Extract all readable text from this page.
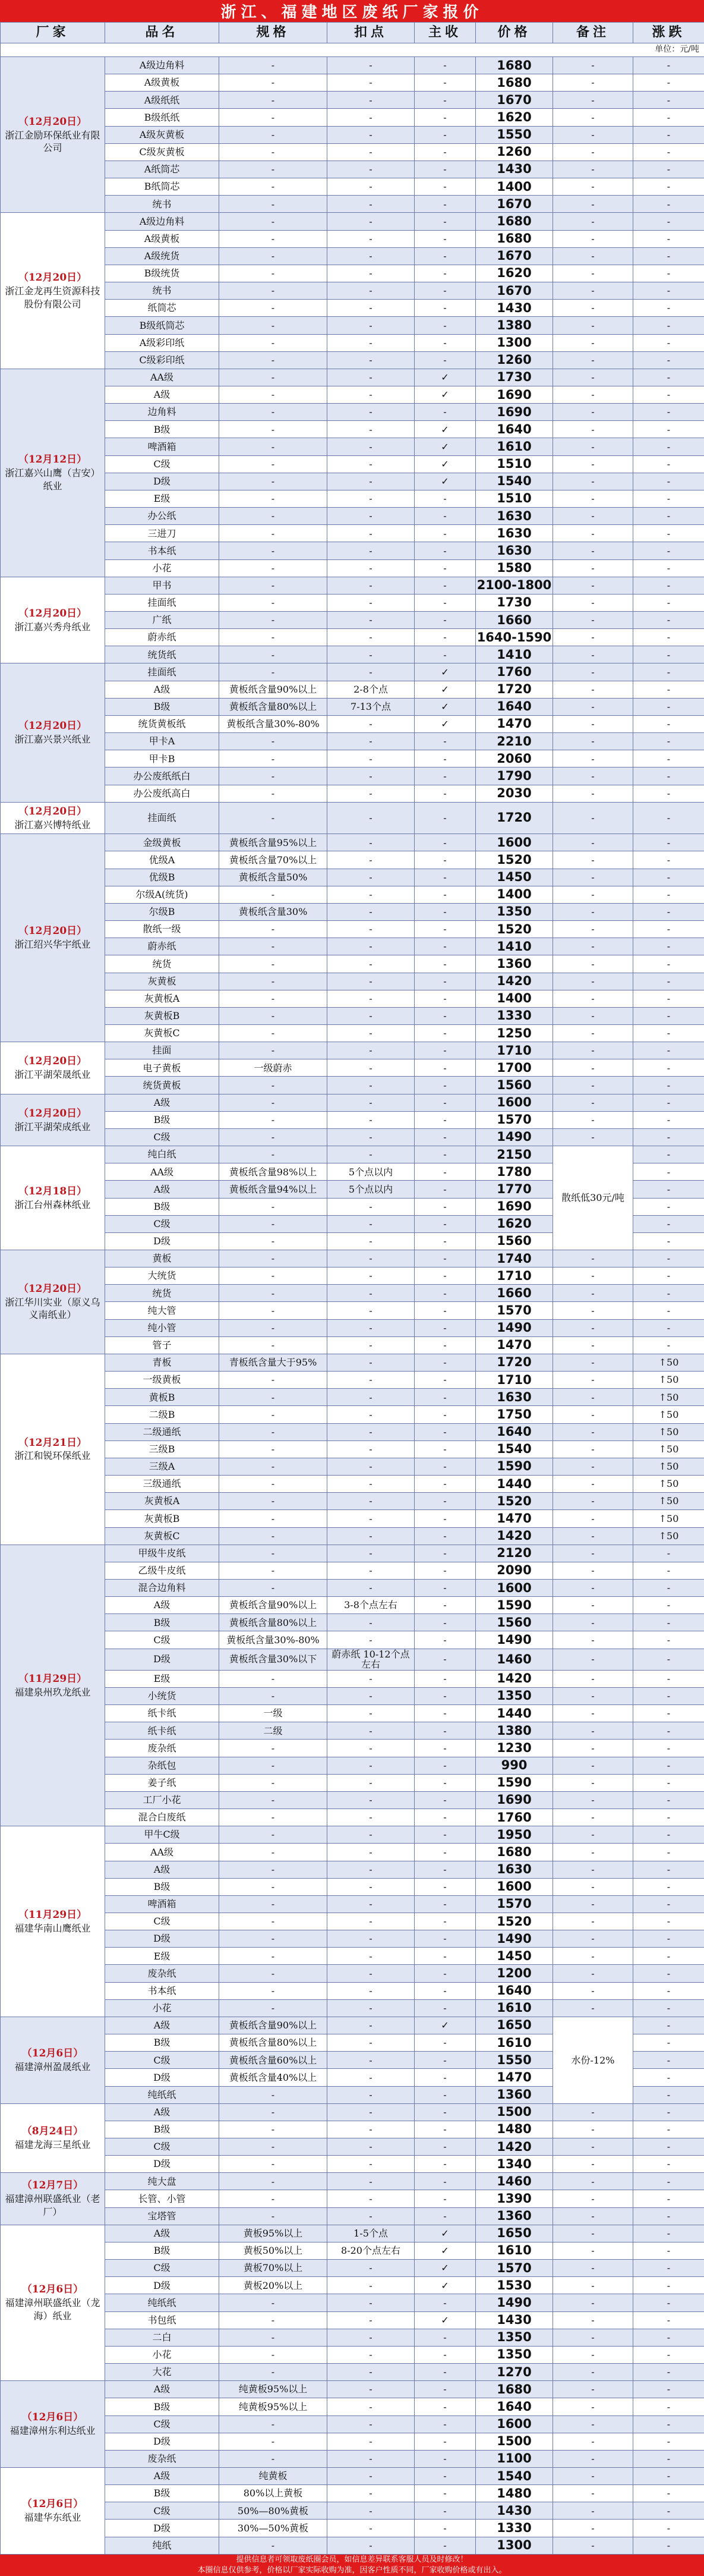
浙江、福建地区废纸厂家报价
厂家	品名	规格	扣点	主收	价格	备注	涨跌
单位：元/吨							

（12月20日）
浙江金励环保纸业有限公司	A级边角料	-	-	-	1680	-	-
	A级黄板	-	-	-	1680	-	-
	A级纸纸	-	-	-	1670	-	-
	B级纸纸	-	-	-	1620	-	-
	A级灰黄板	-	-	-	1550	-	-
	C级灰黄板	-	-	-	1260	-	-
	A纸筒芯	-	-	-	1430	-	-
	B纸筒芯	-	-	-	1400	-	-
	统书	-	-	-	1670	-	-

（12月20日）
浙江金龙再生资源科技股份有限公司	A级边角料	-	-	-	1680	-	-
	A级黄板	-	-	-	1680	-	-
	A级统货	-	-	-	1670	-	-
	B级统货	-	-	-	1620	-	-
	统书	-	-	-	1670	-	-
	纸筒芯	-	-	-	1430	-	-
	B级纸筒芯	-	-	-	1380	-	-
	A级彩印纸	-	-	-	1300	-	-
	C级彩印纸	-	-	-	1260	-	-

（12月12日）
浙江嘉兴山鹰（吉安）纸业	AA级	-	-	✓	1730	-	-
	A级	-	-	✓	1690	-	-
	边角料	-	-	-	1690	-	-
	B级	-	-	✓	1640	-	-
	啤酒箱	-	-	✓	1610	-	-
	C级	-	-	✓	1510	-	-
	D级	-	-	✓	1540	-	-
	E级	-	-	-	1510	-	-
	办公纸	-	-	-	1630	-	-
	三进刀	-	-	-	1630	-	-
	书本纸	-	-	-	1630	-	-
	小花	-	-	-	1580	-	-

（12月20日）
浙江嘉兴秀舟纸业	甲书	-	-	-	2100-1800	-	-
	挂面纸	-	-	-	1730	-	-
	广纸	-	-	-	1660	-	-
	蔚赤纸	-	-	-	1640-1590	-	-
	统货纸	-	-	-	1410	-	-

（12月20日）
浙江嘉兴景兴纸业	挂面纸	-	-	✓	1760	-	-
	A级	黄板纸含量90%以上	2-8个点	✓	1720	-	-
	B级	黄板纸含量80%以上	7-13个点	✓	1640	-	-
	统货黄板纸	黄板纸含量30%-80%	-	✓	1470	-	-
	甲卡A	-	-	-	2210	-	-
	甲卡B	-	-	-	2060	-	-
	办公废纸纸白	-	-	-	1790	-	-
	办公废纸高白	-	-	-	2030	-	-

（12月20日）
浙江嘉兴博特纸业	挂面纸	-	-	-	1720	-	-

（12月20日）
浙江绍兴华宇纸业	金级黄板	黄板纸含量95%以上	-	-	1600	-	-
	优级A	黄板纸含量70%以上	-	-	1520	-	-
	优级B	黄板纸含量50%	-	-	1450	-	-
	尔级A(统货)	-	-	-	1400	-	-
	尔级B	黄板纸含量30%	-	-	1350	-	-
	散纸一级	-	-	-	1520	-	-
	蔚赤纸	-	-	-	1410	-	-
	统货	-	-	-	1360	-	-
	灰黄板	-	-	-	1420	-	-
	灰黄板A	-	-	-	1400	-	-
	灰黄板B	-	-	-	1330	-	-
	灰黄板C	-	-	-	1250	-	-

（12月20日）
浙江平湖荣晟纸业	挂面	-	-	-	1710	-	-
	电子黄板	一级蔚赤	-	-	1700	-	-
	统货黄板	-	-	-	1560	-	-

（12月20日）
浙江平湖荣成纸业	A级	-	-	-	1600	-	-
	B级	-	-	-	1570	-	-
	C级	-	-	-	1490	-	-

（12月18日）
浙江台州森林纸业	纯白纸	-	-	-	2150	散纸低30元/吨	-
	AA级	黄板纸含量98%以上	5个点以内	-	1780		-
	A级	黄板纸含量94%以上	5个点以内	-	1770		-
	B级	-	-	-	1690		-
	C级	-	-	-	1620		-
	D级	-	-	-	1560		-

（12月20日）
浙江华川实业（原义乌义南纸业）	黄板	-	-	-	1740	-	-
	大统货	-	-	-	1710	-	-
	统货	-	-	-	1660	-	-
	纯大管	-	-	-	1570	-	-
	纯小管	-	-	-	1490	-	-
	管子	-	-	-	1470	-	-

（12月21日）
浙江和锐环保纸业	青板	青板纸含量大于95%	-	-	1720	-	↑50
	一级黄板	-	-	-	1710	-	↑50
	黄板B	-	-	-	1630	-	↑50
	二级B	-	-	-	1750	-	↑50
	二级通纸	-	-	-	1640	-	↑50
	三级B	-	-	-	1540	-	↑50
	三级A	-	-	-	1590	-	↑50
	三级通纸	-	-	-	1440	-	↑50
	灰黄板A	-	-	-	1520	-	↑50
	灰黄板B	-	-	-	1470	-	↑50
	灰黄板C	-	-	-	1420	-	↑50

（11月29日）
福建泉州玖龙纸业	甲级牛皮纸	-	-	-	2120	-	-
	乙级牛皮纸	-	-	-	2090	-	-
	混合边角料	-	-	-	1600	-	-
	A级	黄板纸含量90%以上	3-8个点左右	-	1590	-	-
	B级	黄板纸含量80%以上	-	-	1560	-	-
	C级	黄板纸含量30%-80%	-	-	1490	-	-
	D级	黄板纸含量30%以下	蔚赤纸 10-12个点左右	-	1460	-	-
	E级	-	-	-	1420	-	-
	小统货	-	-	-	1350	-	-
	纸卡纸	一级	-	-	1440	-	-
	纸卡纸	二级	-	-	1380	-	-
	废杂纸	-	-	-	1230	-	-
	杂纸包	-	-	-	990	-	-
	姜子纸	-	-	-	1590	-	-
	工厂小花	-	-	-	1690	-	-
	混合白废纸	-	-	-	1760	-	-

（11月29日）
福建华南山鹰纸业	甲牛C级	-	-	-	1950	-	-
	AA级	-	-	-	1680	-	-
	A级	-	-	-	1630	-	-
	B级	-	-	-	1600	-	-
	啤酒箱	-	-	-	1570	-	-
	C级	-	-	-	1520	-	-
	D级	-	-	-	1490	-	-
	E级	-	-	-	1450	-	-
	废杂纸	-	-	-	1200	-	-
	书本纸	-	-	-	1640	-	-
	小花	-	-	-	1610	-	-

（12月6日）
福建漳州盈晟纸业	A级	黄板纸含量90%以上	-	✓	1650	水份-12%	-
	B级	黄板纸含量80%以上	-	-	1610		-
	C级	黄板纸含量60%以上	-	-	1550		-
	D级	黄板纸含量40%以上	-	-	1470		-
	纯纸纸	-	-	-	1360		-

（8月24日）
福建龙海三星纸业	A级	-	-	-	1500	-	-
	B级	-	-	-	1480	-	-
	C级	-	-	-	1420	-	-
	D级	-	-	-	1340	-	-

（12月7日）
福建漳州联盛纸业（老厂）	纯大盘	-	-	-	1460	-	-
	长管、小管	-	-	-	1390	-	-
	宝塔管	-	-	-	1360	-	-

（12月6日）
福建漳州联盛纸业（龙海）纸业	A级	黄板95%以上	1-5个点	✓	1650	-	-
	B级	黄板50%以上	8-20个点左右	✓	1610	-	-
	C级	黄板70%以上	-	✓	1570	-	-
	D级	黄板20%以上	-	✓	1530	-	-
	纯纸纸	-	-	-	1490	-	-
	书包纸	-	-	✓	1430	-	-
	二白	-	-	-	1350	-	-
	小花	-	-	-	1350	-	-
	大花	-	-	-	1270	-	-

（12月6日）
福建漳州东利达纸业	A级	纯黄板95%以上	-	-	1680	-	-
	B级	纯黄板95%以上	-	-	1640	-	-
	C级	-	-	-	1600	-	-
	D级	-	-	-	1500	-	-
	废杂纸	-	-	-	1100	-	-

（12月6日）
福建华东纸业	A级	纯黄板	-	-	1540	-	-
	B级	80%以上黄板	-	-	1480	-	-
	C级	50%—80%黄板	-	-	1430	-	-
	D级	30%—50%黄板	-	-	1330	-	-
	纯纸	-	-	-	1300	-	-
提供信息者可领取废纸圈会员，如信息差异联系客服人员及时修改！
本圈信息仅供参考，价格以厂家实际收购为准，因客户性质不同，厂家收购价格或有出入。
